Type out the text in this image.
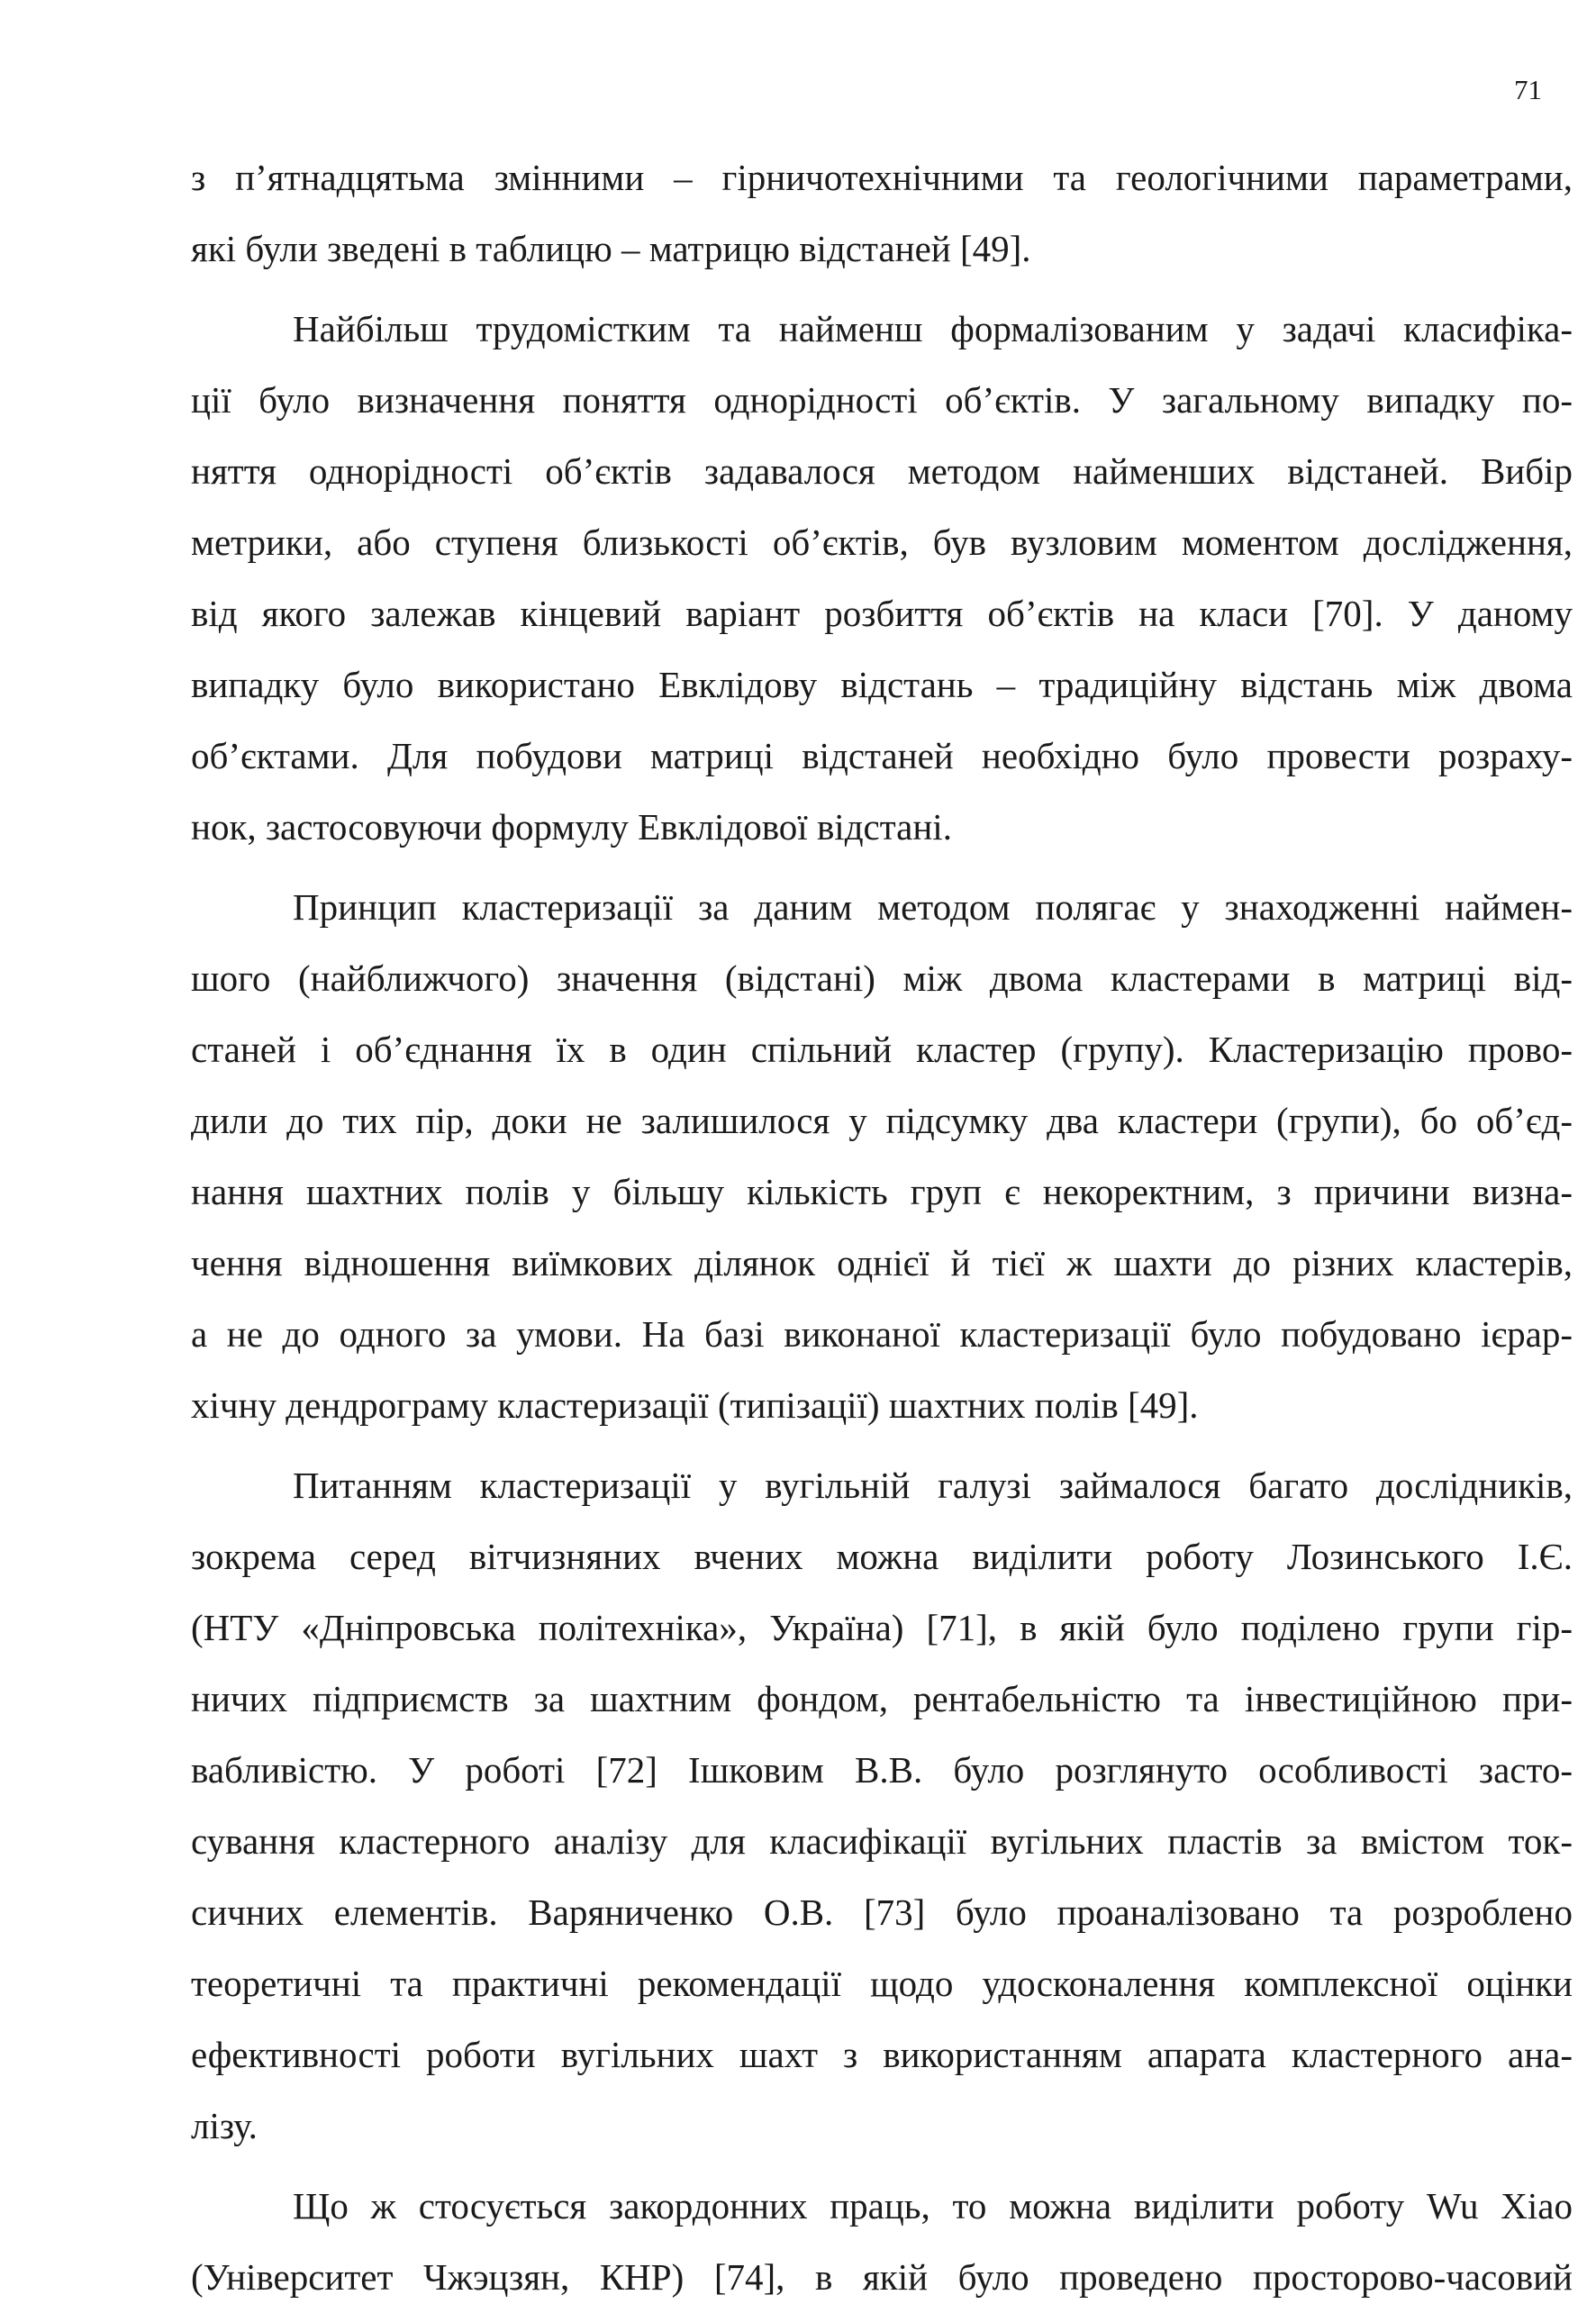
71
з п’ятнадцятьма змінними – гірничотехнічними та геологічними параметрами,
які були зведені в таблицю – матрицю відстаней [49].
Найбільш трудомістким та найменш формалізованим у задачі класифіка-
ції було визначення поняття однорідності об’єктів. У загальному випадку по-
няття однорідності об’єктів задавалося методом найменших відстаней. Вибір
метрики, або ступеня близькості об’єктів, був вузловим моментом дослідження,
від якого залежав кінцевий варіант розбиття об’єктів на класи [70]. У даному
випадку було використано Евклідову відстань – традиційну відстань між двома
об’єктами. Для побудови матриці відстаней необхідно було провести розраху-
нок, застосовуючи формулу Евклідової відстані.
Принцип кластеризації за даним методом полягає у знаходженні наймен-
шого (найближчого) значення (відстані) між двома кластерами в матриці від-
станей і об’єднання їх в один спільний кластер (групу). Кластеризацію прово-
дили до тих пір, доки не залишилося у підсумку два кластери (групи), бо об’єд-
нання шахтних полів у більшу кількість груп є некоректним, з причини визна-
чення відношення виїмкових ділянок однієї й тієї ж шахти до різних кластерів,
а не до одного за умови. На базі виконаної кластеризації було побудовано ієрар-
хічну дендрограму кластеризації (типізації) шахтних полів [49].
Питанням кластеризації у вугільній галузі займалося багато дослідників,
зокрема серед вітчизняних вчених можна виділити роботу Лозинського І.Є.
(НТУ «Дніпровська політехніка», Україна) [71], в якій було поділено групи гір-
ничих підприємств за шахтним фондом, рентабельністю та інвестиційною при-
вабливістю. У роботі [72] Ішковим В.В. було розглянуто особливості засто-
сування кластерного аналізу для класифікації вугільних пластів за вмістом ток-
сичних елементів. Варяниченко О.В. [73] було проаналізовано та розроблено
теоретичні та практичні рекомендації щодо удосконалення комплексної оцінки
ефективності роботи вугільних шахт з використанням апарата кластерного ана-
лізу.
Що ж стосується закордонних праць, то можна виділити роботу Wu Xiao
(Університет Чжэцзян, КНР) [74], в якій було проведено просторово-часовий
